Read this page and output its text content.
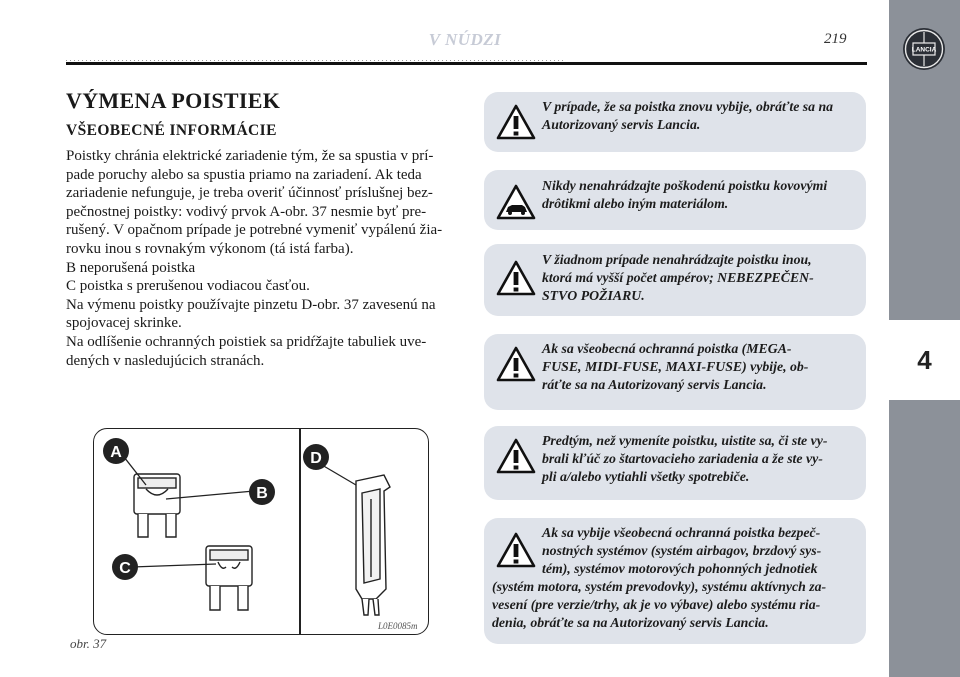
V NÚDZI	219
LANCIA
4
VÝMENA POISTIEK
VŠEOBECNÉ INFORMÁCIE

Poistky chránia elektrické zariadenie tým, že sa spustia v prí-
pade poruchy alebo sa spustia priamo na zariadení. Ak teda
zariadenie nefunguje, je treba overiť účinnosť príslušnej bez-
pečnostnej poistky: vodivý prvok A-obr. 37 nesmie byť pre-
rušený. V opačnom prípade je potrebné vymeniť vypálenú žia-
rovku inou s rovnakým výkonom (tá istá farba).
B neporušená poistka
C poistka s prerušenou vodiacou časťou.
Na výmenu poistky používajte pinzetu D-obr. 37 zavesenú na
spojovacej skrinke.
Na odlíšenie ochranných poistiek sa pridŕžajte tabuliek uve-
dených v nasledujúcich stranách.

A
B
C
D
obr. 37
L0E0085m
V prípade, že sa poistka znovu vybije, obráťte sa na
Autorizovaný servis Lancia.
Nikdy nenahrádzajte poškodenú poistku kovovými
drôtikmi alebo iným materiálom.
V žiadnom prípade nenahrádzajte poistku inou,
ktorá má vyšší počet ampérov; NEBEZPEČEN-
STVO POŽIARU.
Ak sa všeobecná ochranná poistka (MEGA-
FUSE, MIDI-FUSE, MAXI-FUSE) vybije, ob-
ráťte sa na Autorizovaný servis Lancia.
Predtým, než vymeníte poistku, uistite sa, či ste vy-
brali kľúč zo štartovacieho zariadenia a že ste vy-
pli a/alebo vytiahli všetky spotrebiče.
Ak sa vybije všeobecná ochranná poistka bezpeč-
nostných systémov (systém airbagov, brzdový sys-
tém), systémov motorových pohonných jednotiek
(systém motora, systém prevodovky), systému aktívnych za-
vesení (pre verzie/trhy, ak je vo výbave) alebo systému ria-
denia, obráťte sa na Autorizovaný servis Lancia.
